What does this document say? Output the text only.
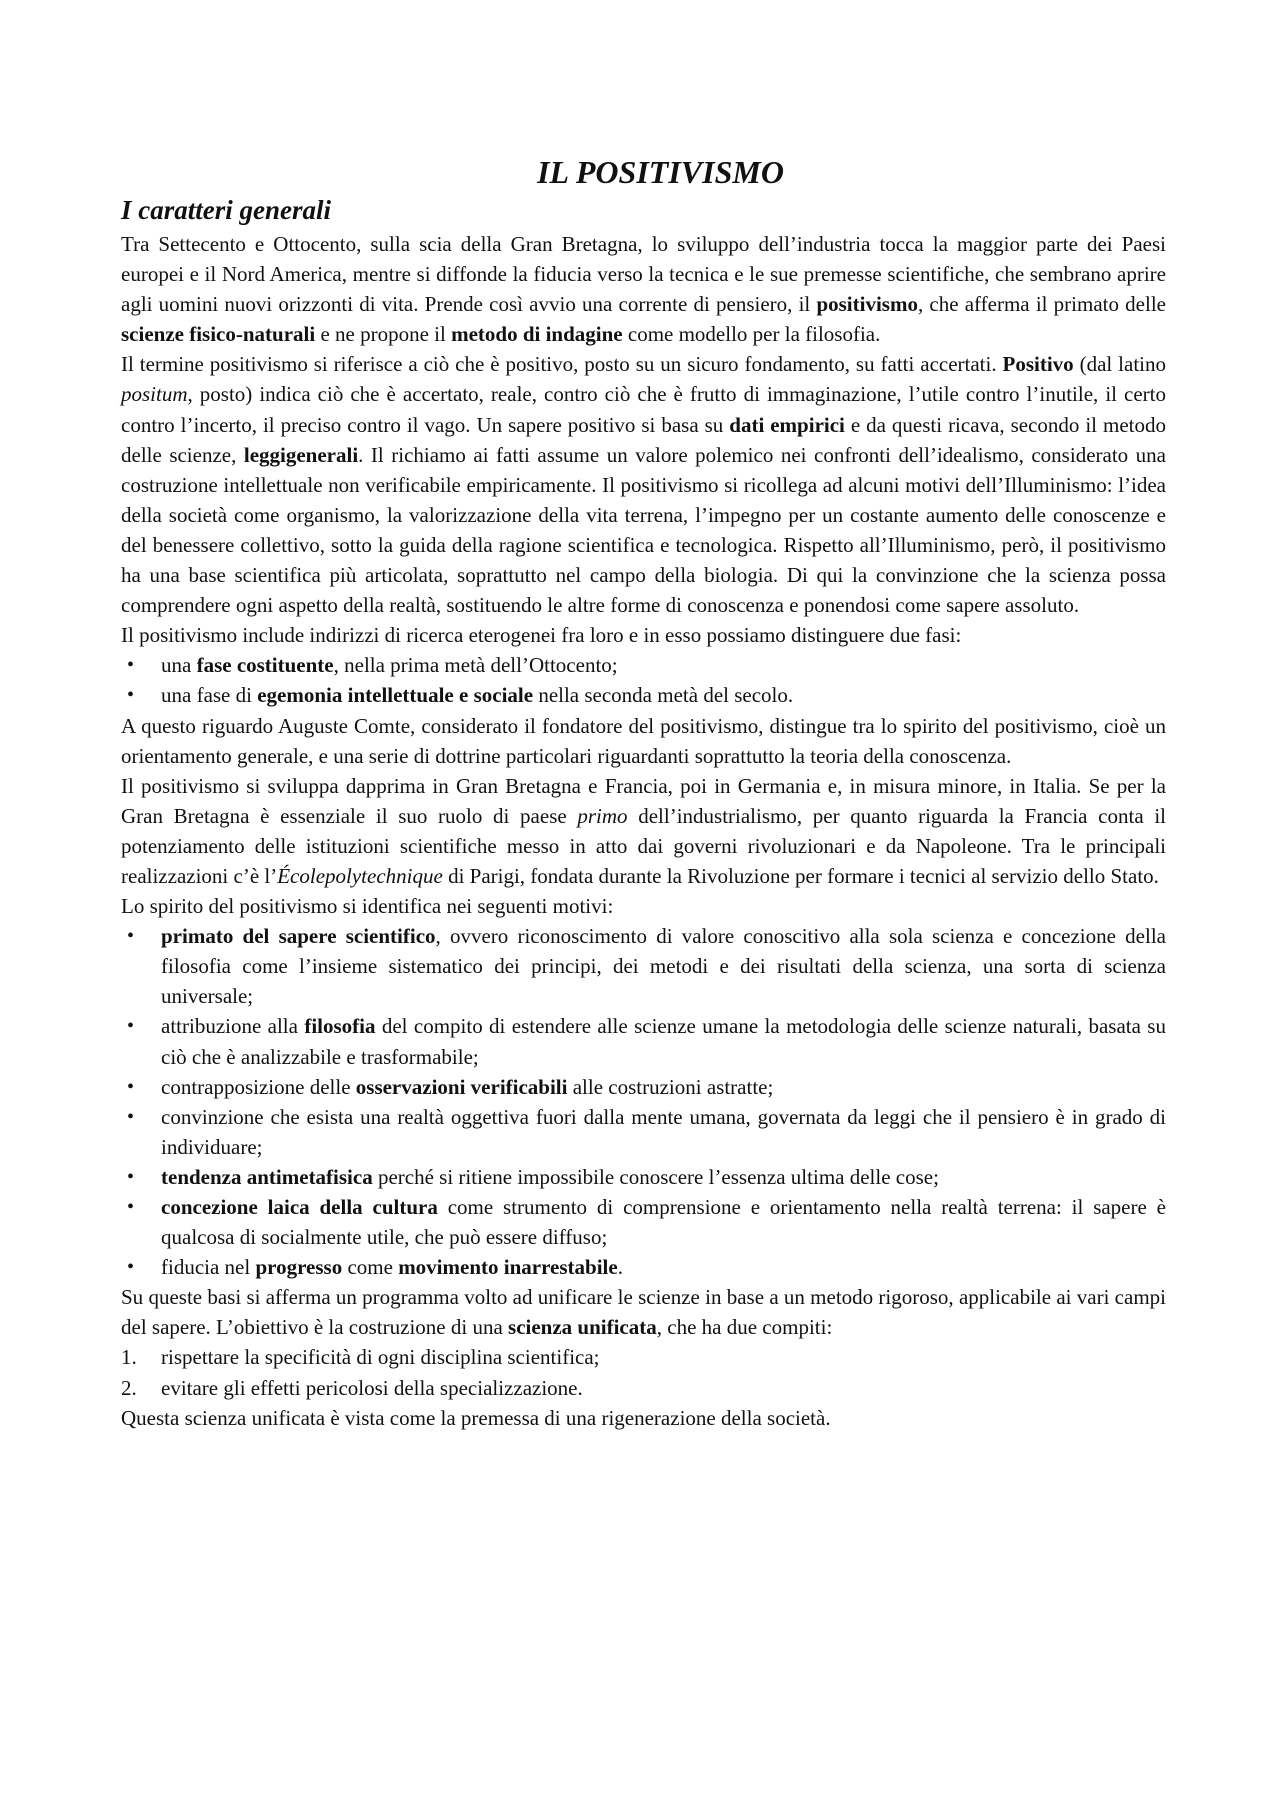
IL POSITIVISMO
I caratteri generali

Tra Settecento e Ottocento, sulla scia della Gran Bretagna, lo sviluppo dell’industria tocca la maggior parte dei Paesi europei e il Nord America, mentre si diffonde la fiducia verso la tecnica e le sue premesse scientifiche, che sembrano aprire agli uomini nuovi orizzonti di vita. Prende così avvio una corrente di pensiero, il positivismo, che afferma il primato delle scienze fisico-naturali e ne propone il metodo di indagine come modello per la filosofia.

Il termine positivismo si riferisce a ciò che è positivo, posto su un sicuro fondamento, su fatti accertati. Positivo (dal latino positum, posto) indica ciò che è accertato, reale, contro ciò che è frutto di immaginazione, l’utile contro l’inutile, il certo contro l’incerto, il preciso contro il vago. Un sapere positivo si basa su dati empirici e da questi ricava, secondo il metodo delle scienze, leggigenerali. Il richiamo ai fatti assume un valore polemico nei confronti dell’idealismo, considerato una costruzione intellettuale non verificabile empiricamente. Il positivismo si ricollega ad alcuni motivi dell’Illuminismo: l’idea della società come organismo, la valorizzazione della vita terrena, l’impegno per un costante aumento delle conoscenze e del benessere collettivo, sotto la guida della ragione scientifica e tecnologica. Rispetto all’Illuminismo, però, il positivismo ha una base scientifica più articolata, soprattutto nel campo della biologia. Di qui la convinzione che la scienza possa comprendere ogni aspetto della realtà, sostituendo le altre forme di conoscenza e ponendosi come sapere assoluto.

Il positivismo include indirizzi di ricerca eterogenei fra loro e in esso possiamo distinguere due fasi:

• una fase costituente, nella prima metà dell’Ottocento;
• una fase di egemonia intellettuale e sociale nella seconda metà del secolo.

A questo riguardo Auguste Comte, considerato il fondatore del positivismo, distingue tra lo spirito del positivismo, cioè un orientamento generale, e una serie di dottrine particolari riguardanti soprattutto la teoria della conoscenza.

Il positivismo si sviluppa dapprima in Gran Bretagna e Francia, poi in Germania e, in misura minore, in Italia. Se per la Gran Bretagna è essenziale il suo ruolo di paese primo dell’industrialismo, per quanto riguarda la Francia conta il potenziamento delle istituzioni scientifiche messo in atto dai governi rivoluzionari e da Napoleone. Tra le principali realizzazioni c’è l’Écolepolytechnique di Parigi, fondata durante la Rivoluzione per formare i tecnici al servizio dello Stato.

Lo spirito del positivismo si identifica nei seguenti motivi:

• primato del sapere scientifico, ovvero riconoscimento di valore conoscitivo alla sola scienza e concezione della filosofia come l’insieme sistematico dei principi, dei metodi e dei risultati della scienza, una sorta di scienza universale;
• attribuzione alla filosofia del compito di estendere alle scienze umane la metodologia delle scienze naturali, basata su ciò che è analizzabile e trasformabile;
• contrapposizione delle osservazioni verificabili alle costruzioni astratte;
• convinzione che esista una realtà oggettiva fuori dalla mente umana, governata da leggi che il pensiero è in grado di individuare;
• tendenza antimetafisica perché si ritiene impossibile conoscere l’essenza ultima delle cose;
• concezione laica della cultura come strumento di comprensione e orientamento nella realtà terrena: il sapere è qualcosa di socialmente utile, che può essere diffuso;
• fiducia nel progresso come movimento inarrestabile.

Su queste basi si afferma un programma volto ad unificare le scienze in base a un metodo rigoroso, applicabile ai vari campi del sapere. L’obiettivo è la costruzione di una scienza unificata, che ha due compiti:

1. rispettare la specificità di ogni disciplina scientifica;
2. evitare gli effetti pericolosi della specializzazione.

Questa scienza unificata è vista come la premessa di una rigenerazione della società.
